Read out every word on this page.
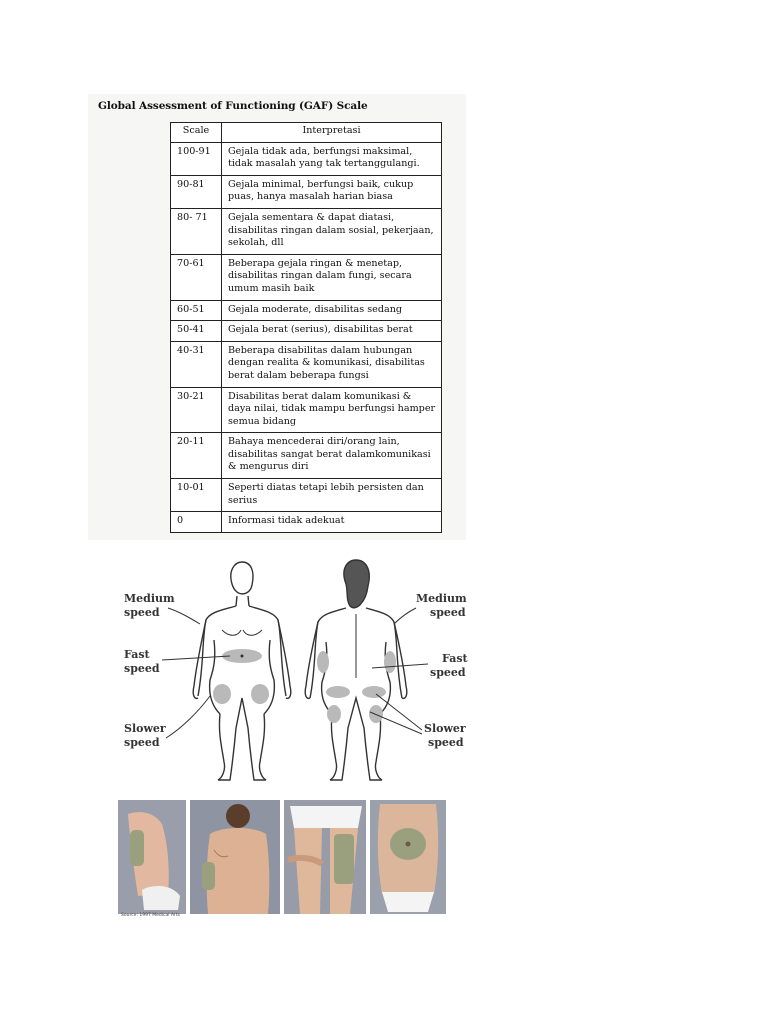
Global Assessment of Functioning (GAF) Scale
Scale	Interpretasi
100-91	Gejala tidak ada, berfungsi maksimal, tidak masalah yang tak tertanggulangi.
90-81	Gejala minimal, berfungsi baik, cukup puas, hanya masalah harian biasa
80- 71	Gejala sementara & dapat diatasi, disabilitas ringan dalam sosial, pekerjaan, sekolah, dll
70-61	Beberapa gejala ringan & menetap, disabilitas ringan dalam fungi, secara umum masih baik
60-51	Gejala moderate, disabilitas sedang
50-41	Gejala berat (serius), disabilitas berat
40-31	Beberapa disabilitas dalam hubungan dengan realita & komunikasi, disabilitas berat dalam beberapa fungsi
30-21	Disabilitas berat dalam komunikasi & daya nilai, tidak mampu berfungsi hamper semua bidang
20-11	Bahaya mencederai diri/orang lain, disabilitas sangat berat dalamkomunikasi & mengurus diri
10-01	Seperti diatas tetapi lebih persisten dan serius
0	Informasi tidak adekuat
Medium
speed
Fast
speed
Slower
speed
Medium
speed
Fast
speed
Slower
speed
Source: 1997 Medical Arts
